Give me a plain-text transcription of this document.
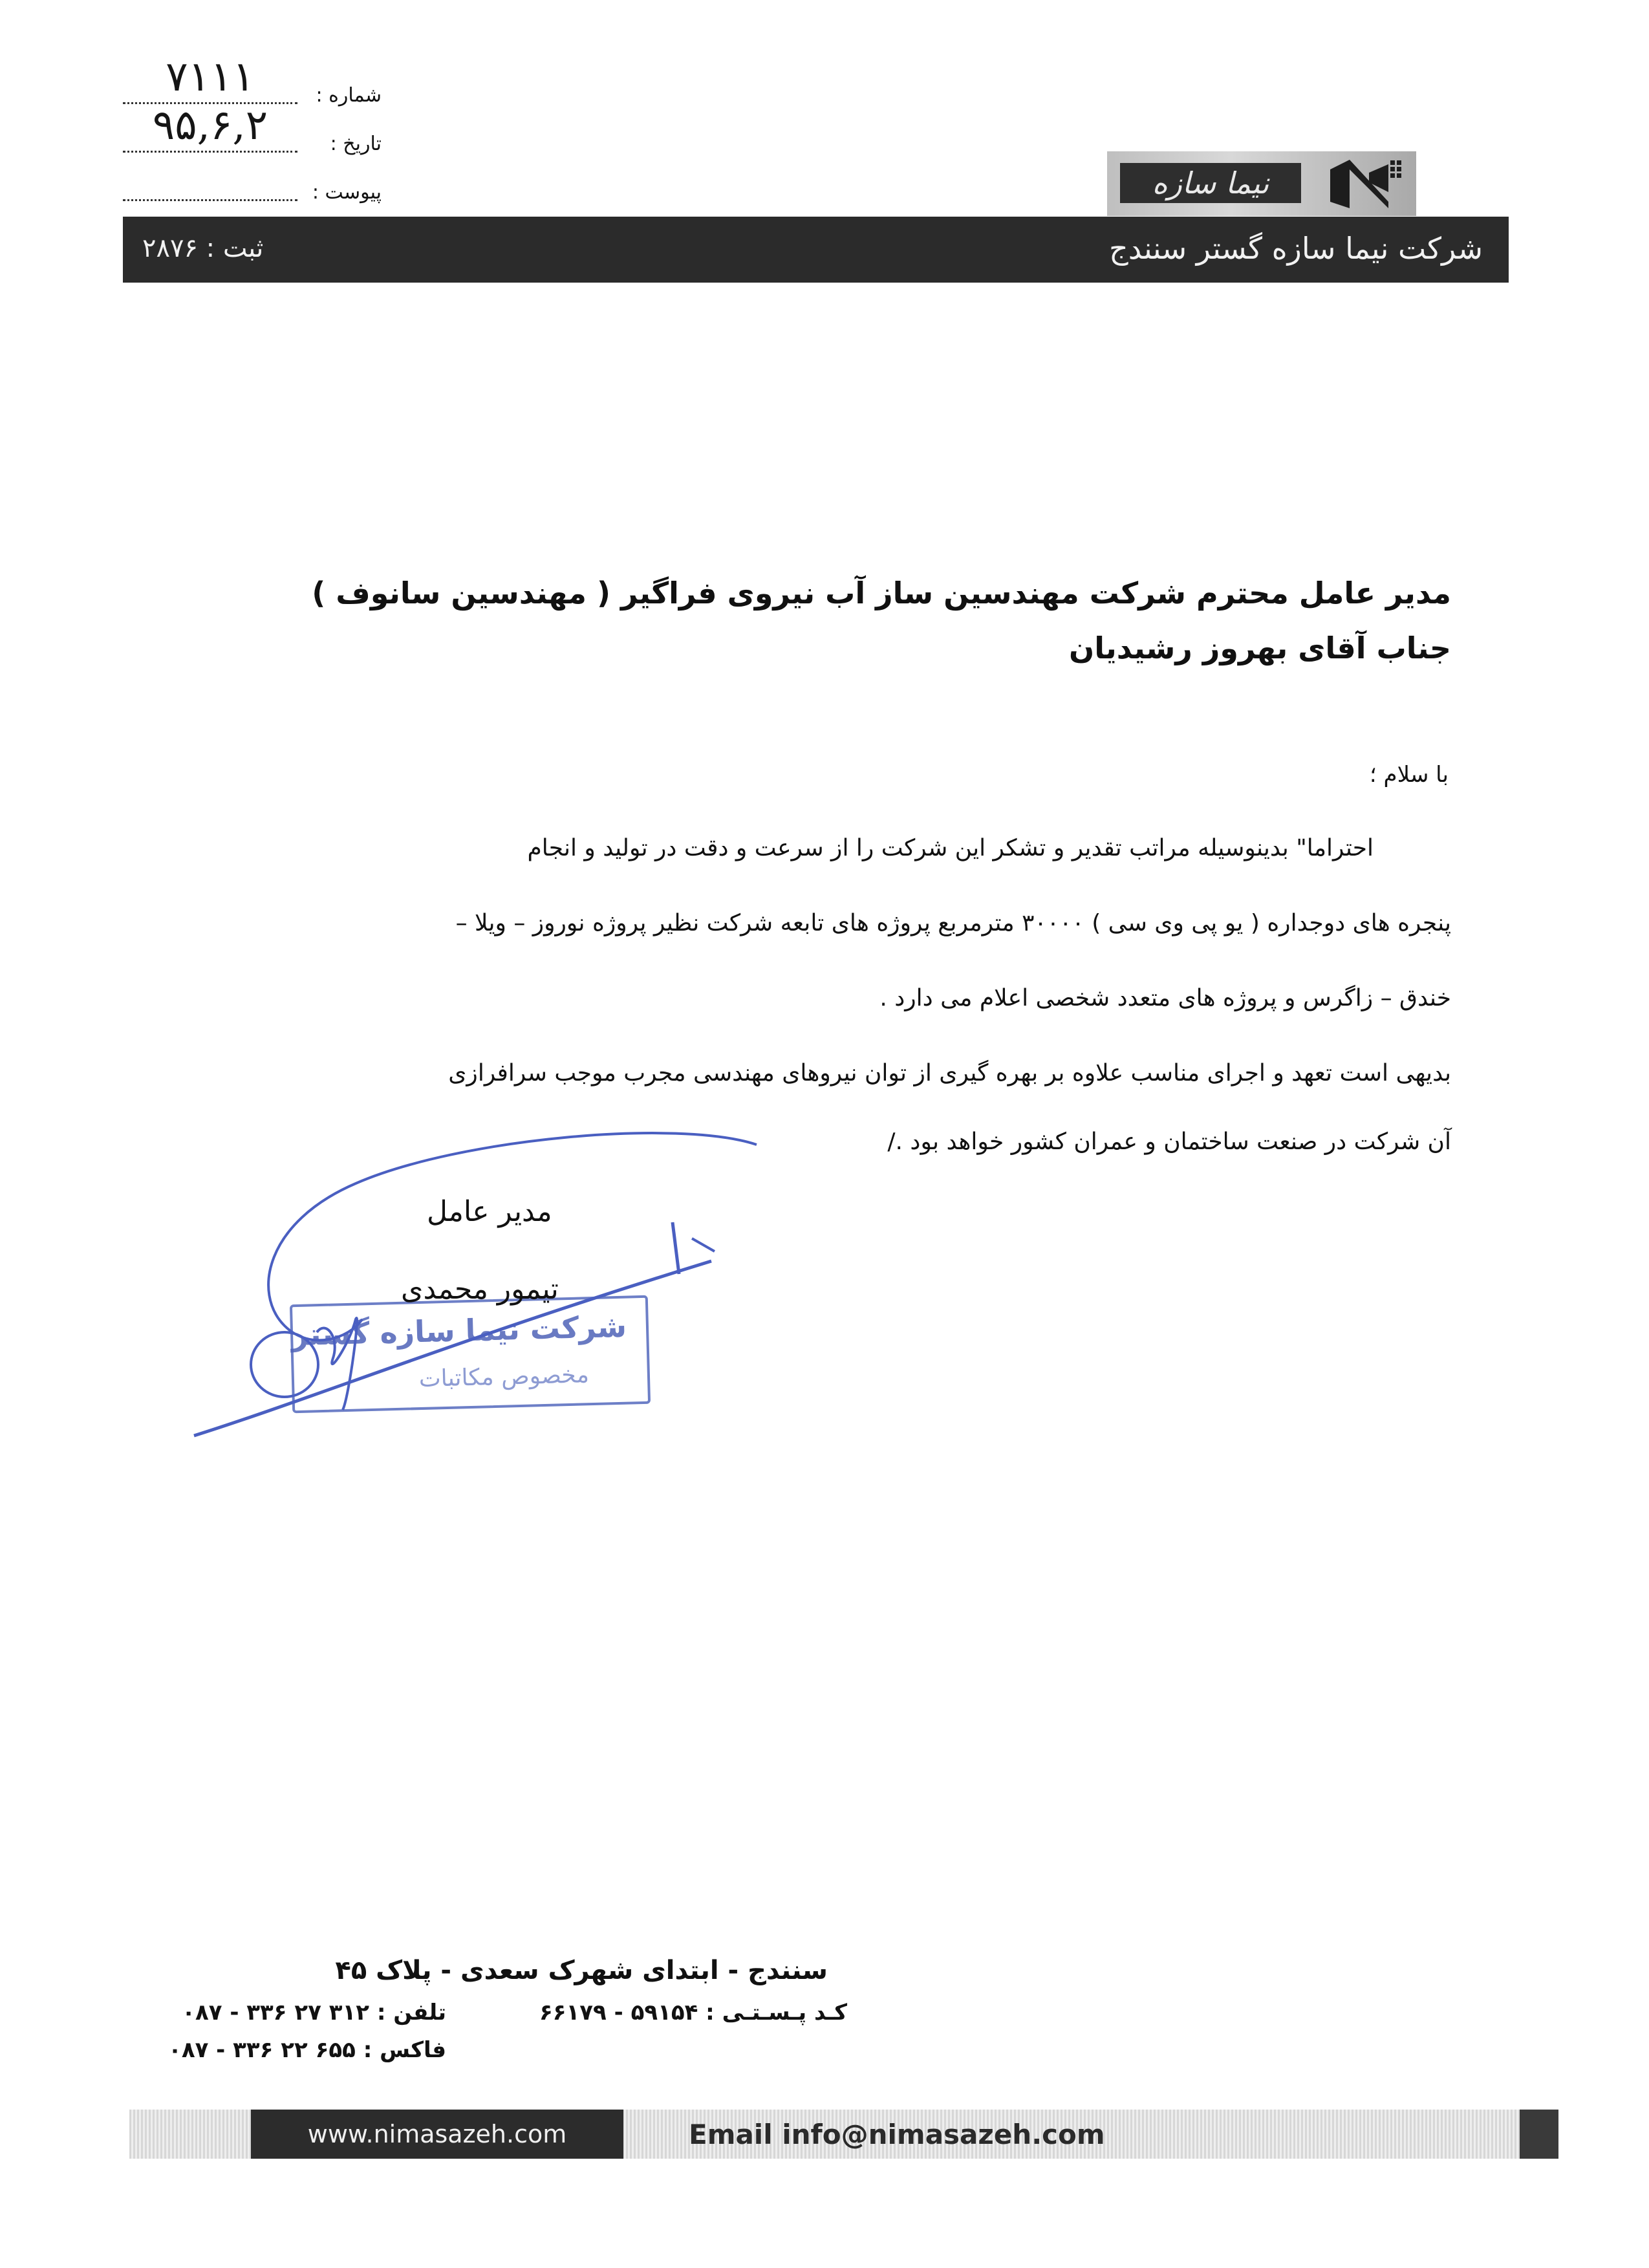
شماره :
۷۱۱۱
تاریخ :
۹۵,۶,۲
پیوست :	نیما سازه
شرکت نیما سازه گستر سنندج
ثبت : ۲۸۷۶
مدیر عامل محترم شرکت مهندسین ساز آب نیروی فراگیر ( مهندسین سانوف )
جناب آقای بهروز رشیدیان
با سلام ؛
احتراما" بدینوسیله مراتب تقدیر و تشکر این شرکت را از سرعت و دقت در تولید و انجام
پنجره های دوجداره ( یو پی وی سی ) ۳۰۰۰۰ مترمربع پروژه های تابعه شرکت نظیر پروژه نوروز – ویلا –
خندق – زاگرس و پروژه های متعدد شخصی اعلام می دارد .
بدیهی است تعهد و اجرای مناسب علاوه بر بهره گیری از توان نیروهای مهندسی مجرب موجب سرافرازی
آن شرکت در صنعت ساختمان و عمران کشور خواهد بود ./
شرکت نیما سازه گستر
مخصوص مکاتبات
مدیر عامل
تیمور محمدی
سنندج - ابتدای شهرک سعدی - پلاک ۴۵
کـد پـسـتـی : ۵۹۱۵۴ - ۶۶۱۷۹
تلفن : ۳۱۲ ۲۷ ۳۳۶ - ۰۸۷
فاکس : ۶۵۵ ۲۲ ۳۳۶ - ۰۸۷
www.nimasazeh.com	Email info@nimasazeh.com
